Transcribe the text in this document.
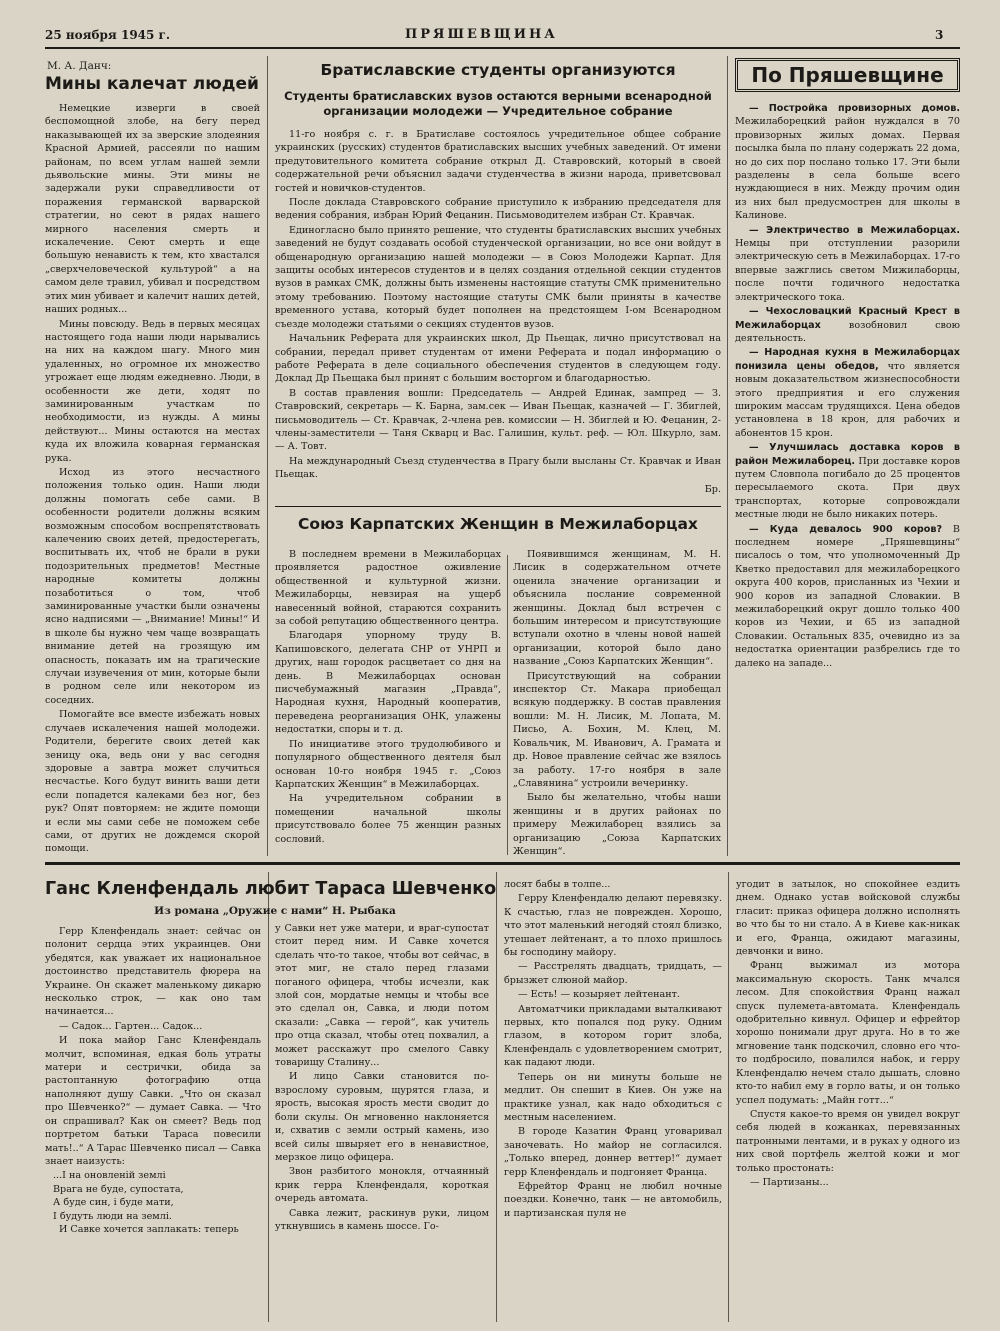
25 ноября 1945 г.	ПРЯШЕВЩИНА	3
М. А. Данч:
Мины калечат людей

Немецкие изверги в своей беспомощной злобе, на бегу перед наказывающей их за зверские злодеяния Красной Армией, рассеяли по нашим районам, по всем углам нашей земли дьявольские мины. Эти мины не задержали руки справедливости от поражения германской варварской стратегии, но сеют в рядах нашего мирного населения смерть и искалечение. Сеют смерть и еще большую ненависть к тем, кто хвастался „сверхчеловеческой культурой“ а на самом деле травил, убивал и посредством этих мин убивает и калечит наших детей, наших родных...

Мины повсюду. Ведь в первых месяцах настоящего года наши люди нарывались на них на каждом шагу. Много мин удаленных, но огромное их множество угрожает еще людям ежедневно. Люди, в особенности же дети, ходят по заминированным участкам по необходимости, из нужды. А мины действуют... Мины остаются на местах куда их вложила коварная германская рука.

Исход из этого несчастного положения только один. Наши люди должны помогать себе сами. В особенности родители должны всяким возможным способом воспрепятствовать калечению своих детей, предостерегать, воспитывать их, чтоб не брали в руки подозрительных предметов! Местные народные комитеты должны позаботиться о том, чтоб заминированные участки были означены ясно надписями — „Внимание! Мины!“ И в школе бы нужно чем чаще возвращать внимание детей на грозящую им опасность, показать им на трагические случаи изувечения от мин, которые были в родном селе или некотором из соседних.

Помогайте все вместе избежать новых случаев искалечения нашей молодежи. Родители, берегите своих детей как зеницу ока, ведь они у вас сегодня здоровые а завтра может случиться несчастье. Кого будут винить ваши дети если попадется калеками без ног, без рук? Опят повторяем: не ждите помощи и если мы сами себе не поможем себе сами, от других не дождемся скорой помощи.

Братиславские студенты организуются
Студенты братиславских вузов остаются верными всенародной организации молодежи — Учредительное собрание

11-го ноября с. г. в Братиславе состоялось учредительное общее собрание украинских (русских) студентов братиславских высших учебных заведений. От имени предутовительного комитета собрание открыл Д. Ставровский, который в своей содержательной речи объяснил задачи студенчества в жизни народа, приветсвовал гостей и новичков-студентов.

После доклада Ставровского собрание приступило к избранию председателя для ведения собрания, избран Юрий Фецанин. Письмоводителем избран Ст. Кравчак.

Единогласно было принято решение, что студенты братиславских высших учебных заведений не будут создавать особой студенческой организации, но все они войдут в общенародную организацию нашей молодежи — в Союз Молодежи Карпат. Для защиты особых интересов студентов и в целях создания отдельной секции студентов вузов в рамках СМК, должны быть изменены настоящие статуты СМК применительно этому требованию. Поэтому настоящие статуты СМК были приняты в качестве временного устава, который будет пополнен на предстоящем I-ом Всенародном съезде молодежи статьями о секциях студентов вузов.

Начальник Реферата для украинских школ, Др Пьещак, лично присутствовал на собрании, передал привет студентам от имени Реферата и подал информацию о работе Реферата в деле социального обеспечения студентов в следующем году. Доклад Др Пьещака был принят с большим восторгом и благодарностью.

В состав правления вошли: Председатель — Андрей Единак, зампред — З. Ставровский, секретарь — К. Барна, зам.сек — Иван Пьещак, казначей — Г. Збиглей, письмоводитель — Ст. Кравчак, 2-члена рев. комиссии — Н. Збиглей и Ю. Фецанин, 2-члены-заместители — Таня Скварц и Вас. Галишин, культ. реф. — Юл. Шкурло, зам. — А. Товт.

На международный Съезд студенчества в Прагу были высланы Ст. Кравчак и Иван Пьещак.

Бр.
Союз Карпатских Женщин в Межилаборцах

В последнем времени в Межилаборцах проявляется радостное оживление общественной и культурной жизни. Межилаборцы, невзирая на ущерб навесенный войной, стараются сохранить за собой репутацию общественного центра.

Благодаря упорному труду В. Капишовского, делегата СНР от УНРП и других, наш городок расцветает со дня на день. В Межилаборцах основан писчебумажный магазин „Правда“, Народная кухня, Народный кооператив, переведена реорганизация ОНК, улажены недостатки, споры и т. д.

По инициативе этого трудолюбивого и популярного общественного деятеля был основан 10-го ноября 1945 г. „Союз Карпатских Женщин“ в Межилаборцах.

На учредительном собрании в помещении начальной школы присутствовало более 75 женщин разных сословий.

Появившимся женщинам, М. Н. Лисик в содержательном отчете оценила значение организации и объяснила послание современной женщины. Доклад был встречен с большим интересом и присутствующие вступали охотно в члены новой нашей организации, которой было дано название „Союз Карпатских Женщин“.

Присутствующий на собрании инспектор Ст. Макара приобещал всякую поддержку. В состав правления вошли: М. Н. Лисик, М. Лопата, М. Письо, А. Бохин, М. Клец, М. Ковальчик, М. Иванович, А. Грамата и др. Новое правление сейчас же взялось за работу. 17-го ноября в зале „Славянина“ устроили вечеринку.

Было бы желательно, чтобы наши женщины и в других районах по примеру Межилаборец взялись за организацию „Союза Карпатских Женщин“.

По Пряшевщине

— Постройка провизорных домов. Межилаборецкий район нуждался в 70 провизорных жилых домах. Первая посылка была по плану содержать 22 дома, но до сих пор послано только 17. Эти были разделены в села больше всего нуждающиеся в них. Между прочим один из них был предусмострен для школы в Калинове.

— Электричество в Межилаборцах. Немцы при отступлении разорили электрическую сеть в Межилаборцах. 17-го впервые зажглись светом Мижилаборцы, после почти годичного недостатка электрического тока.

— Чехословацкий Красный Крест в Межилаборцах	возобновил свою деятельность.

— Народная кухня в Межилаборцах понизила цены обедов, что является новым доказательством жизнеспособности этого предприятия и его служения широким массам трудящихся. Цена обедов установлена в 18 крон, для рабочих и абонентов 15 крон.

— Улучшилась доставка коров в район Межилаборец. При доставке коров путем Словпола погибало до 25 процентов пересылаемого скота. При двух транспортах, которые сопровождали местные люди не было никаких потерь.

— Куда девалось 900 коров? В последнем номере „Пряшевщины“ писалось о том, что уполномоченный Др Кветко предоставил для межилаборецкого округа 400 коров, присланных из Чехии и 900 коров из западной Словакии. В межилаборецкий округ дошло только 400 коров из Чехии, и 65 из западной Словакии. Остальных 835, очевидно из за недостатка ориентации разбрелись где то далеко на западе...

Ганс Кленфендаль любит Тараса Шевченко
Из романа „Оружие с нами“ Н. Рыбака

Герр Кленфендаль знает: сейчас он полонит сердца этих украинцев. Они убедятся, как уважает их национальное достоинство представитель фюрера на Украине. Он скажет маленькому дикарю несколько строк, — как оно там начинается...

— Садок... Гартен... Садок...

И пока майор Ганс Кленфендаль молчит, вспоминая, едкая боль утраты матери и сестрички, обида за растоптанную фотографию отца наполняют душу Савки. „Что он сказал про Шевченко?“ — думает Савка. — Что он спрашивал? Как он смеет? Ведь под портретом батьки Тараса повесили мать!..“ А Тарас Шевченко писал — Савка знает наизусть:

...І на оновленій землі
Врага не буде, супостата,
А буде син, і буде мати,
І будуть люди на землі.

И Савке хочется заплакать: теперь

у Савки нет уже матери, и враг-супостат стоит перед ним. И Савке хочется сделать что-то такое, чтобы вот сейчас, в этот миг, не стало перед глазами поганого офицера, чтобы исчезли, как злой сон, мордатые немцы и чтобы все это сделал он, Савка, и люди потом сказали: „Савка — герой“, как учитель про отца сказал, чтобы отец похвалил, а может расскажут про смелого Савку товарищу Сталину...

И лицо Савки становится по-взрослому суровым, щурятся глаза, и ярость, высокая ярость мести сводит до боли скулы. Он мгновенно наклоняется и, схватив с земли острый камень, изо всей силы швыряет его в ненавистное, мерзкое лицо офицера.

Звон разбитого монокля, отчаянный крик герра Кленфендаля, короткая очередь автомата.

Савка лежит, раскинув руки, лицом уткнувшись в камень шоссе. Го-

лосят бабы в толпе...

Герру Кленфендалю делают перевязку. К счастью, глаз не поврежден. Хорошо, что этот маленький негодяй стоял близко, утешает лейтенант, а то плохо пришлось бы господину майору.

— Расстрелять двадцать, тридцать, — брызжет слюной майор.

— Есть! — козыряет лейтенант.

Автоматчики прикладами выталкивают первых, кто попался под руку. Одним глазом, в котором горит злоба, Кленфендаль с удовлетворением смотрит, как падают люди.

Теперь он ни минуты больше не медлит. Он спешит в Киев. Он уже на практике узнал, как надо обходиться с местным населением.

В городе Казатин Франц уговаривал заночевать. Но майор не согласился. „Только вперед, доннер веттер!“ думает герр Кленфендаль и подгоняет Франца.

Ефрейтор Франц не любил ночные поездки. Конечно, танк — не автомобиль, и партизанская пуля не

угодит в затылок, но спокойнее ездить днем. Однако устав войсковой службы гласит: приказ офицера должно исполнять во что бы то ни стало. А в Киеве как-никак и его, Франца, ожидают магазины, девчонки и вино.

Франц выжимал из мотора максимальную скорость. Танк мчался лесом. Для спокойствия Франц нажал спуск пулемета-автомата. Кленфендаль одобрительно кивнул. Офицер и ефрейтор хорошо понимали друг друга. Но в то же мгновение танк подскочил, словно его что-то подбросило, повалился набок, и герру Кленфендалю нечем стало дышать, словно кто-то набил ему в горло ваты, и он только успел подумать: „Майн готт...“

Спустя какое-то время он увидел вокруг себя людей в кожанках, перевязанных патронными лентами, и в руках у одного из них свой портфель желтой кожи и мог только простонать:

— Партизаны...
